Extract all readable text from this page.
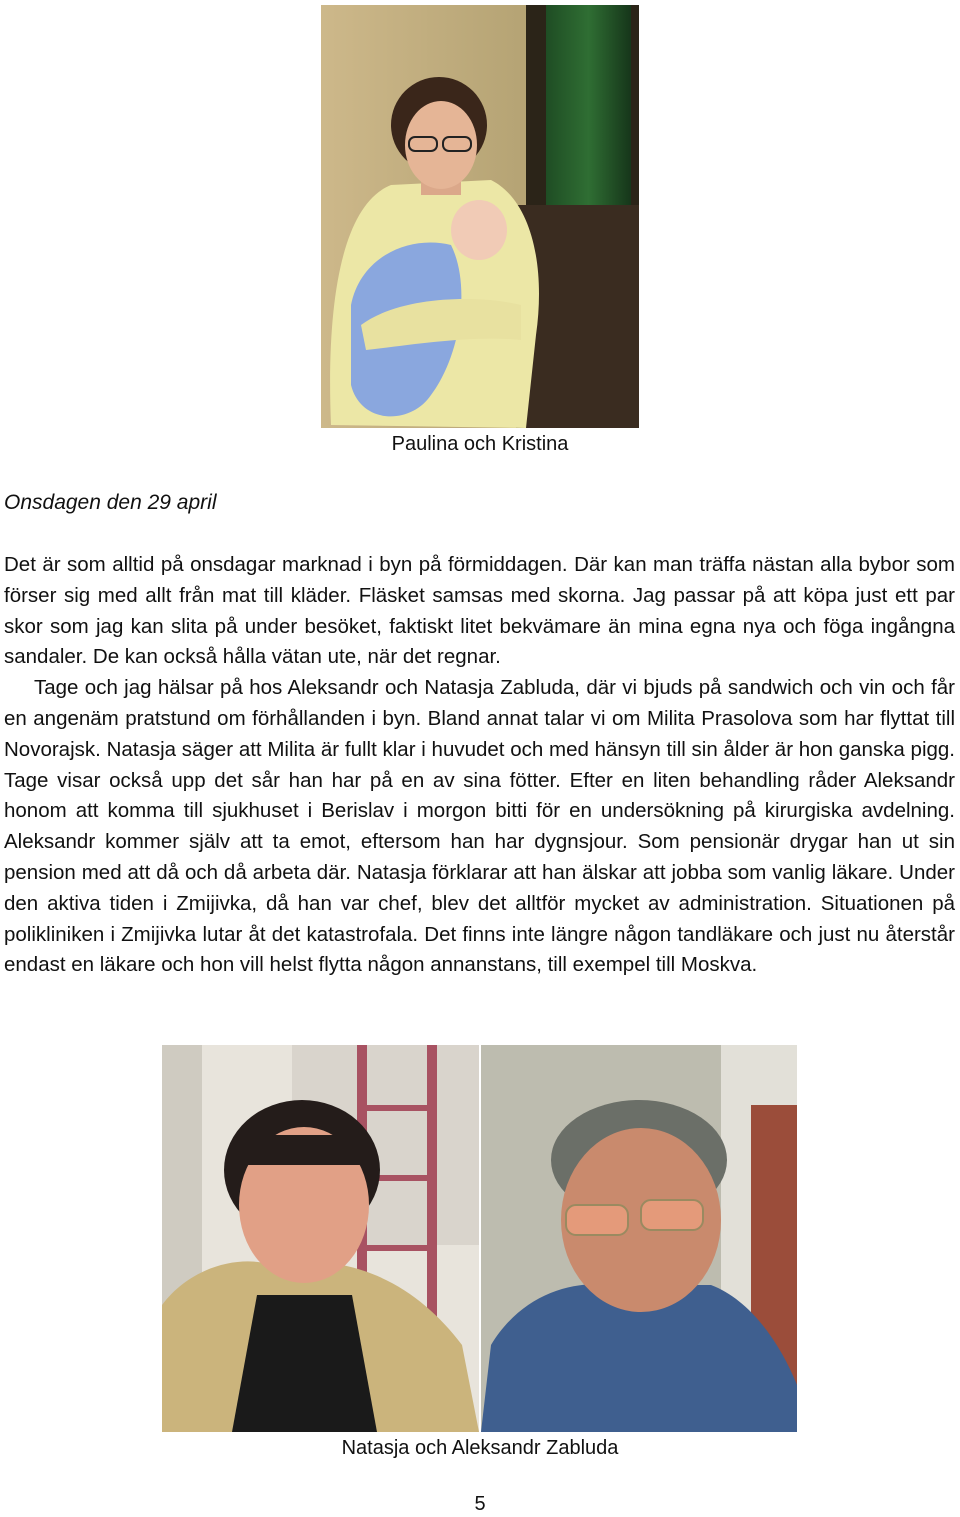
Paulina och Kristina
Onsdagen den 29 april

Det är som alltid på onsdagar marknad i byn på förmiddagen. Där kan man träffa nästan alla bybor som förser sig med allt från mat till kläder. Fläsket samsas med skorna. Jag passar på att köpa just ett par skor som jag kan slita på under besöket, faktiskt litet bekvämare än mina egna nya och föga ingångna sandaler. De kan också hålla vätan ute, när det regnar.

Tage och jag hälsar på hos Aleksandr och Natasja Zabluda, där vi bjuds på sandwich och vin och får en angenäm pratstund om förhållanden i byn. Bland annat talar vi om Milita Prasolova som har flyttat till Novorajsk. Natasja säger att Milita är fullt klar i huvudet och med hänsyn till sin ålder är hon ganska pigg. Tage visar också upp det sår han har på en av sina fötter. Efter en liten behandling råder Aleksandr honom att komma till sjukhuset i Berislav i morgon bitti för en undersökning på kirurgiska avdelning. Aleksandr kommer själv att ta emot, eftersom han har dygnsjour. Som pensionär drygar han ut sin pension med att då och då arbeta där. Natasja förklarar att han älskar att jobba som vanlig läkare. Under den aktiva tiden i Zmijivka, då han var chef, blev det alltför mycket av administration. Situationen på polikliniken i Zmijivka lutar åt det katastrofala. Det finns inte längre någon tandläkare och just nu återstår endast en läkare och hon vill helst flytta någon annanstans, till exempel till Moskva.

Natasja och Aleksandr Zabluda
5
